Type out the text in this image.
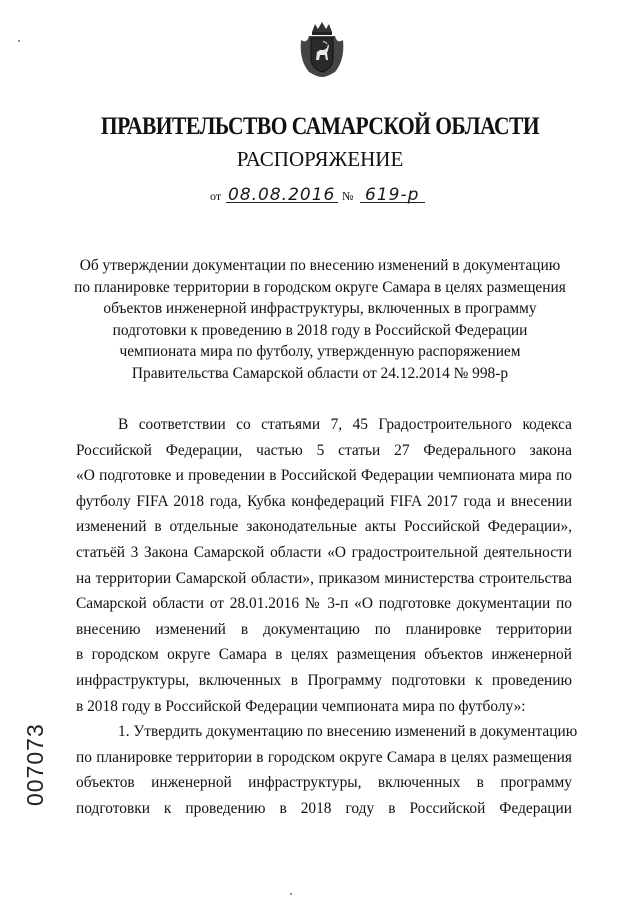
ПРАВИТЕЛЬСТВО САМАРСКОЙ ОБЛАСТИ
РАСПОРЯЖЕНИЕ
от 08.08.2016 № 619-р
Об утверждении документации по внесению изменений в документацию
по планировке территории в городском округе Самара в целях размещения
объектов инженерной инфраструктуры, включенных в программу
подготовки к проведению в 2018 году в Российской Федерации
чемпионата мира по футболу, утвержденную распоряжением
Правительства Самарской области от 24.12.2014 № 998-р
В соответствии со статьями 7, 45 Градостроительного кодекса
Российской Федерации, частью 5 статьи 27 Федерального закона
«О подготовке и проведении в Российской Федерации чемпионата мира по
футболу FIFA 2018 года, Кубка конфедераций FIFA 2017 года и внесении
изменений в отдельные законодательные акты Российской Федерации»,
статьёй 3 Закона Самарской области «О градостроительной деятельности
на территории Самарской области», приказом министерства строительства
Самарской области от 28.01.2016 № 3-п «О подготовке документации по
внесению изменений в документацию по планировке территории
в городском округе Самара в целях размещения объектов инженерной
инфраструктуры, включенных в Программу подготовки к проведению
в 2018 году в Российской Федерации чемпионата мира по футболу»:
1. Утвердить документацию по внесению изменений в документацию
по планировке территории в городском округе Самара в целях размещения
объектов инженерной инфраструктуры, включенных в программу
подготовки к проведению в 2018 году в Российской Федерации
007073
